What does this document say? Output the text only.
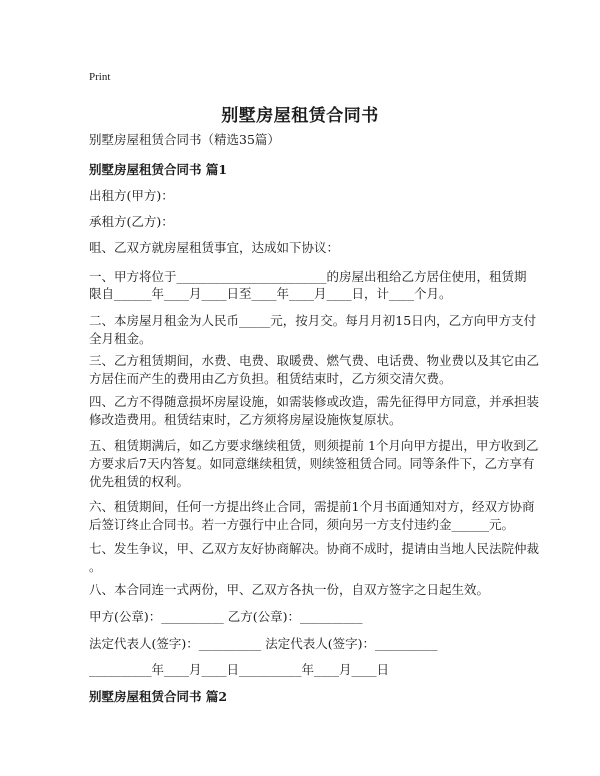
Print
别墅房屋租赁合同书
别墅房屋租赁合同书（精选35篇）
别墅房屋租赁合同书 篇1
出租方(甲方)：
承租方(乙方)：
咀、乙双方就房屋租赁事宜，达成如下协议：
一、甲方将位于________________________的房屋出租给乙方居住使用，租赁期
限自______年____月____日至____年____月____日，计____个月。
二、本房屋月租金为人民币_____元，按月交。每月月初15日内，乙方向甲方支付
全月租金。
三、乙方租赁期间，水费、电费、取暖费、燃气费、电话费、物业费以及其它由乙
方居住而产生的费用由乙方负担。租赁结束时，乙方须交清欠费。
四、乙方不得随意损坏房屋设施，如需装修或改造，需先征得甲方同意，并承担装
修改造费用。租赁结束时，乙方须将房屋设施恢复原状。
五、租赁期满后，如乙方要求继续租赁，则须提前 1个月向甲方提出，甲方收到乙
方要求后7天内答复。如同意继续租赁，则续签租赁合同。同等条件下，乙方享有
优先租赁的权利。
六、租赁期间，任何一方提出终止合同，需提前1个月书面通知对方，经双方协商
后签订终止合同书。若一方强行中止合同，须向另一方支付违约金______元。
七、发生争议，甲、乙双方友好协商解决。协商不成时，提请由当地人民法院仲裁
。
八、本合同连一式两份，甲、乙双方各执一份，自双方签字之日起生效。
甲方(公章)：__________ 乙方(公章)：__________
法定代表人(签字)：__________ 法定代表人(签字)：__________
__________年____月____日__________年____月____日
别墅房屋租赁合同书 篇2
